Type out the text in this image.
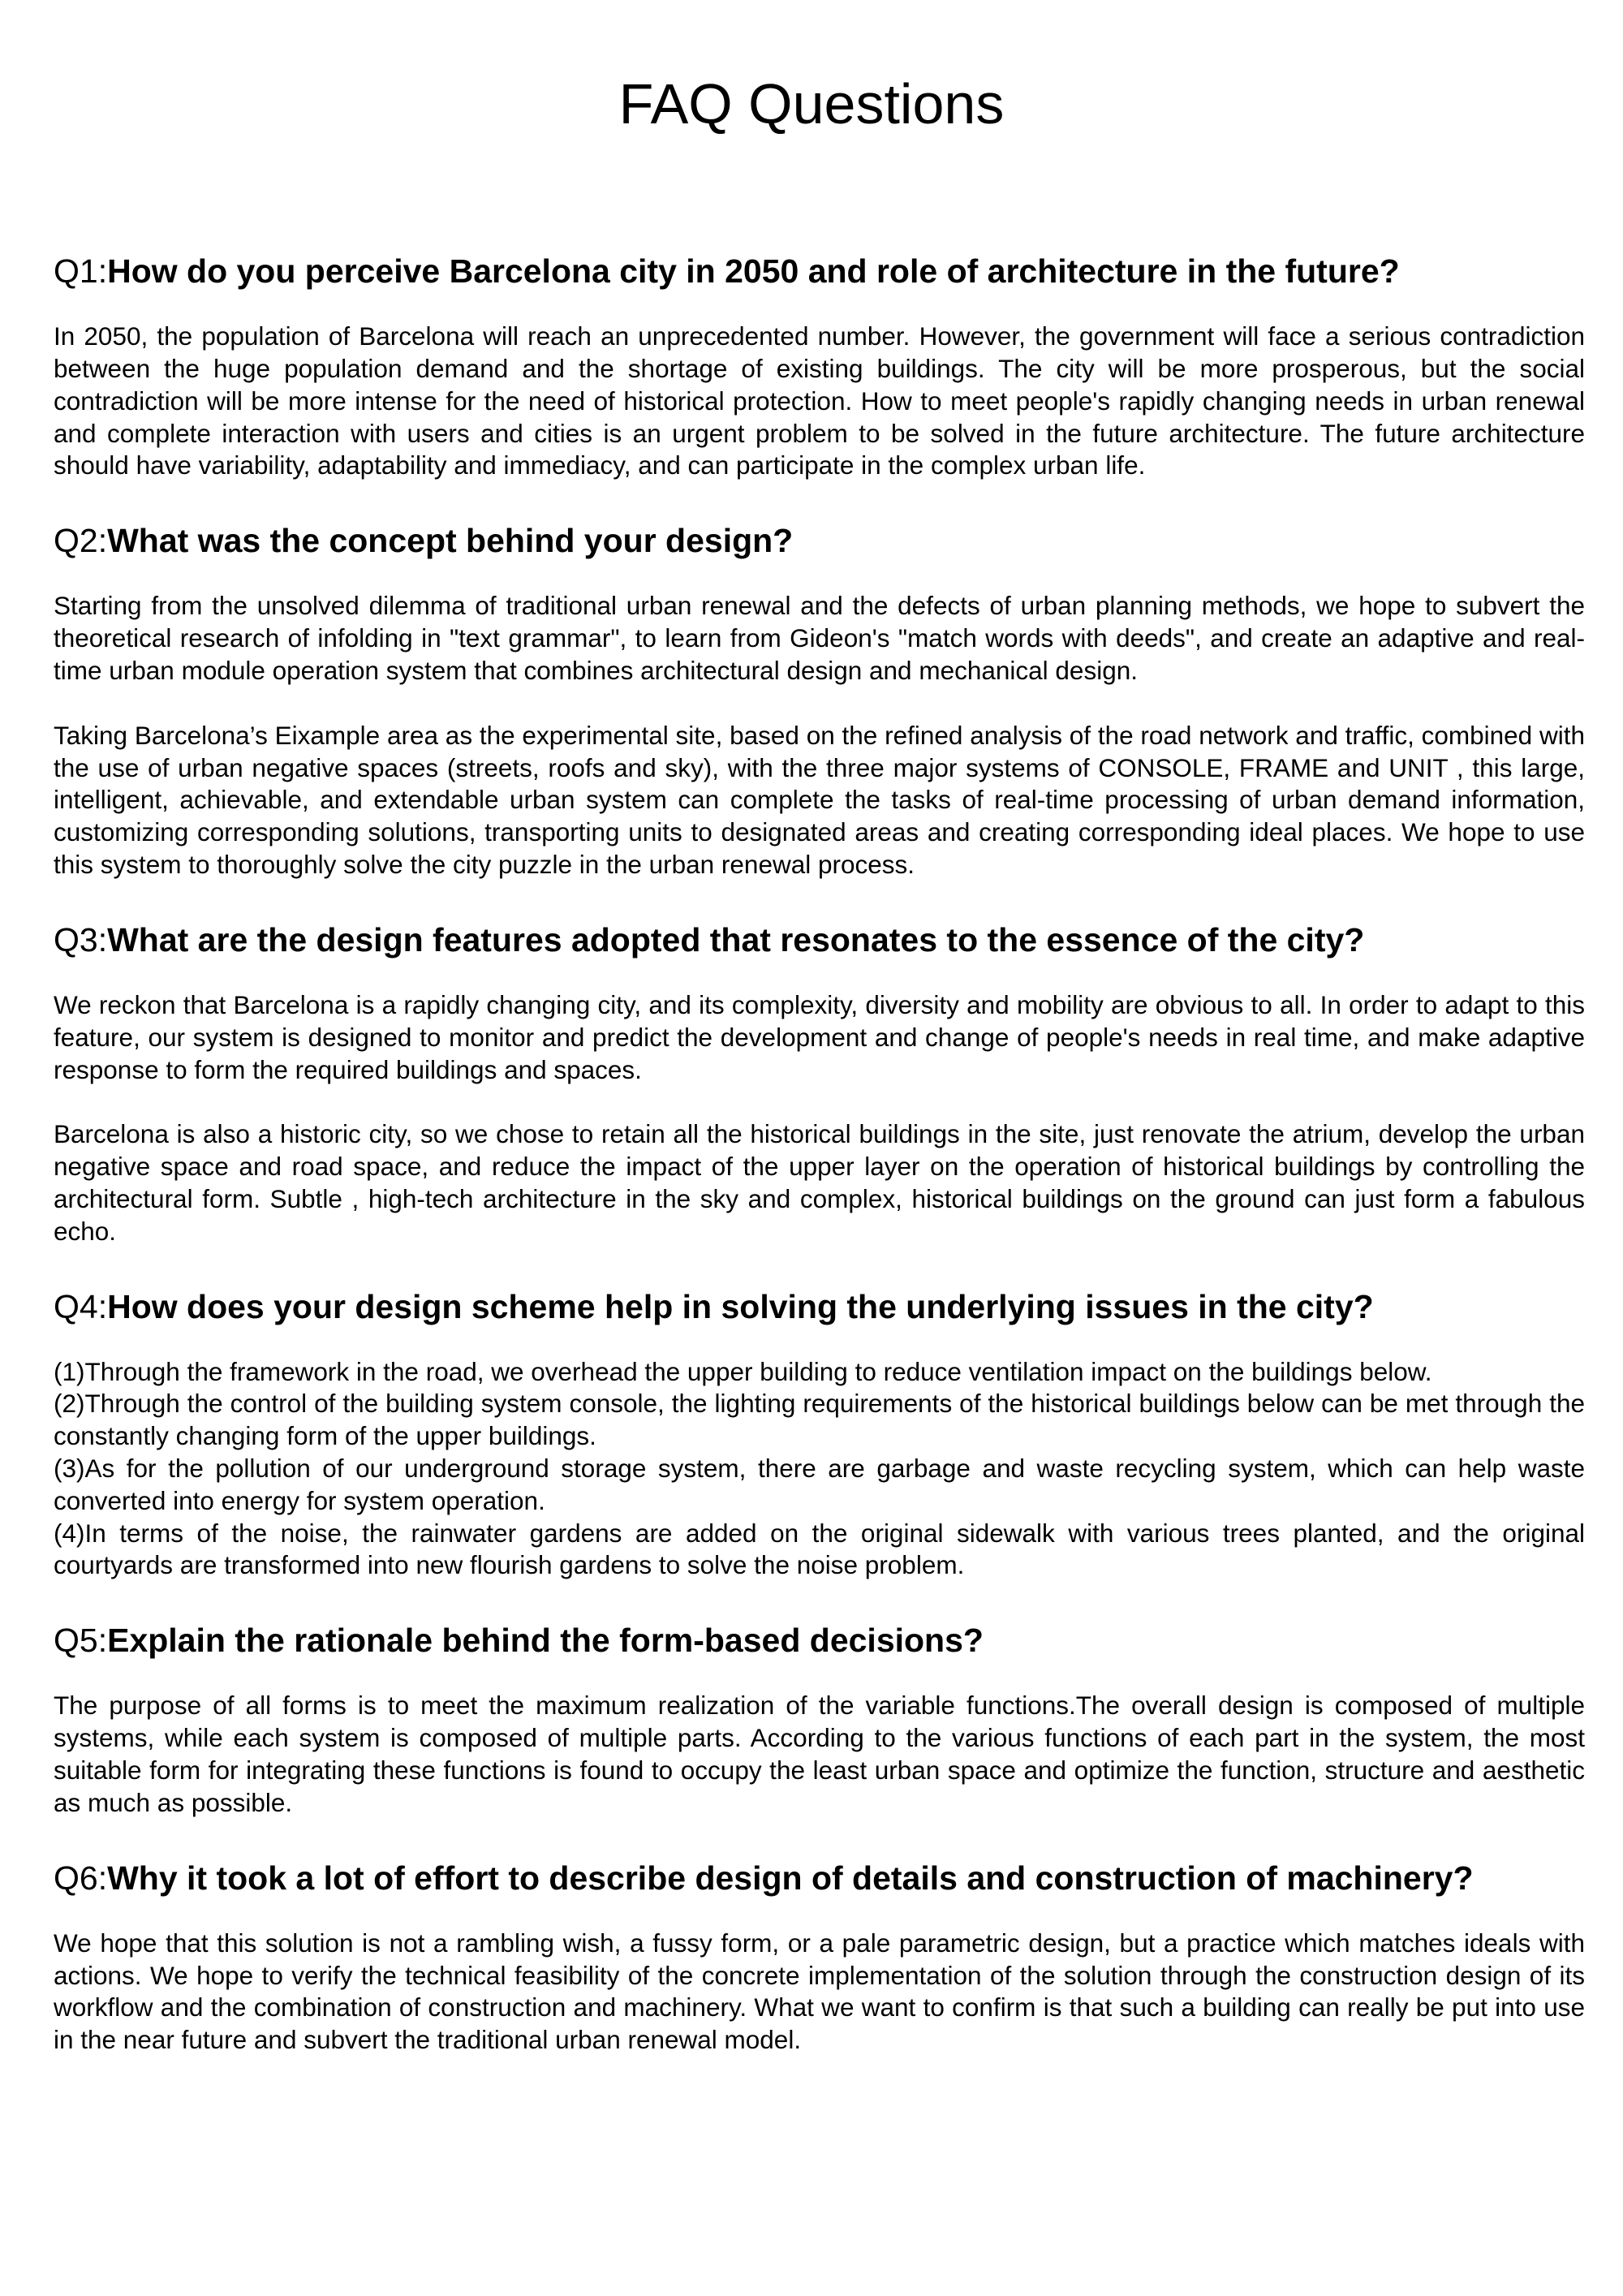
FAQ Questions
Q1:How do you perceive Barcelona city in 2050 and role of architecture in the future?

In 2050, the population of Barcelona will reach an unprecedented number. However, the government will face a serious contradiction between the huge population demand and the shortage of existing buildings. The city will be more prosperous, but the social contradiction will be more intense for the need of historical protection. How to meet people's rapidly changing needs in urban renewal and complete interaction with users and cities is an urgent problem to be solved in the future architecture. The future architecture should have variability, adaptability and immediacy, and can participate in the complex urban life.

Q2:What was the concept behind your design?

Starting from the unsolved dilemma of traditional urban renewal and the defects of urban planning methods, we hope to subvert the theoretical research of infolding in "text grammar", to learn from Gideon's "match words with deeds", and create an adaptive and real-time urban module operation system that combines architectural design and mechanical design.

Taking Barcelona’s Eixample area as the experimental site, based on the refined analysis of the road network and traffic, combined with the use of urban negative spaces (streets, roofs and sky), with the three major systems of CONSOLE, FRAME and UNIT , this large, intelligent, achievable, and extendable urban system can complete the tasks of real-time processing of urban demand information, customizing corresponding solutions, transporting units to designated areas and creating corresponding ideal places. We hope to use this system to thoroughly solve the city puzzle in the urban renewal process.

Q3:What are the design features adopted that resonates to the essence of the city?

We reckon that Barcelona is a rapidly changing city, and its complexity, diversity and mobility are obvious to all. In order to adapt to this feature, our system is designed to monitor and predict the development and change of people's needs in real time, and make adaptive response to form the required buildings and spaces.

Barcelona is also a historic city, so we chose to retain all the historical buildings in the site, just renovate the atrium, develop the urban negative space and road space, and reduce the impact of the upper layer on the operation of historical buildings by controlling the architectural form. Subtle , high-tech architecture in the sky and complex, historical buildings on the ground can just form a fabulous echo.

Q4:How does your design scheme help in solving the underlying issues in the city?

(1)Through the framework in the road, we overhead the upper building to reduce ventilation impact on the buildings below.

(2)Through the control of the building system console, the lighting requirements of the historical buildings below can be met through the constantly changing form of the upper buildings.

(3)As for the pollution of our underground storage system, there are garbage and waste recycling system, which can help waste converted into energy for system operation.

(4)In terms of the noise, the rainwater gardens are added on the original sidewalk with various trees planted, and the original courtyards are transformed into new flourish gardens to solve the noise problem.

Q5:Explain the rationale behind the form-based decisions?

The purpose of all forms is to meet the maximum realization of the variable functions.The overall design is composed of multiple systems, while each system is composed of multiple parts. According to the various functions of each part in the system, the most suitable form for integrating these functions is found to occupy the least urban space and optimize the function, structure and aesthetic as much as possible.

Q6:Why it took a lot of effort to describe design of details and construction of machinery?

We hope that this solution is not a rambling wish, a fussy form, or a pale parametric design, but a practice which matches ideals with actions. We hope to verify the technical feasibility of the concrete implementation of the solution through the construction design of its workflow and the combination of construction and machinery. What we want to confirm is that such a building can really be put into use in the near future and subvert the traditional urban renewal model.
